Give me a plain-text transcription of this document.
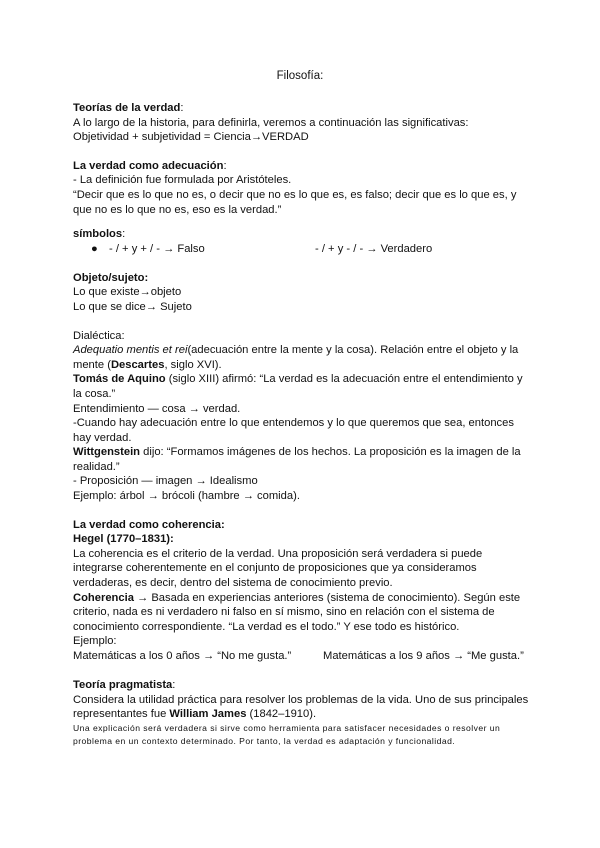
Filosofía:

Teorías de la verdad:

A lo largo de la historia, para definirla, veremos a continuación las significativas:

Objetividad + subjetividad = Ciencia→VERDAD

La verdad como adecuación:

- La definición fue formulada por Aristóteles.

“Decir que es lo que no es, o decir que no es lo que es, es falso; decir que es lo que es, y que no es lo que no es, eso es la verdad.”

símbolos:

● - / + y + / - → Falso	- / + y - / - → Verdadero

Objeto/sujeto:

Lo que existe→objeto

Lo que se dice→ Sujeto

Dialéctica:

Adequatio mentis et rei(adecuación entre la mente y la cosa). Relación entre el objeto y la mente (Descartes, siglo XVI).

Tomás de Aquino (siglo XIII) afirmó: “La verdad es la adecuación entre el entendimiento y la cosa.”

Entendimiento — cosa → verdad.

-Cuando hay adecuación entre lo que entendemos y lo que queremos que sea, entonces hay verdad.

Wittgenstein dijo: “Formamos imágenes de los hechos. La proposición es la imagen de la realidad.”

- Proposición — imagen → Idealismo

Ejemplo: árbol → brócoli (hambre → comida).

La verdad como coherencia:

Hegel (1770–1831):

La coherencia es el criterio de la verdad. Una proposición será verdadera si puede integrarse coherentemente en el conjunto de proposiciones que ya consideramos verdaderas, es decir, dentro del sistema de conocimiento previo.

Coherencia → Basada en experiencias anteriores (sistema de conocimiento). Según este criterio, nada es ni verdadero ni falso en sí mismo, sino en relación con el sistema de conocimiento correspondiente. “La verdad es el todo.” Y ese todo es histórico.

Ejemplo:

Matemáticas a los 0 años → “No me gusta.”	Matemáticas a los 9 años → “Me gusta.”

Teoría pragmatista:

Considera la utilidad práctica para resolver los problemas de la vida. Uno de sus principales representantes fue William James (1842–1910).

Una explicación será verdadera si sirve como herramienta para satisfacer necesidades o resolver un problema en un contexto determinado. Por tanto, la verdad es adaptación y funcionalidad.
